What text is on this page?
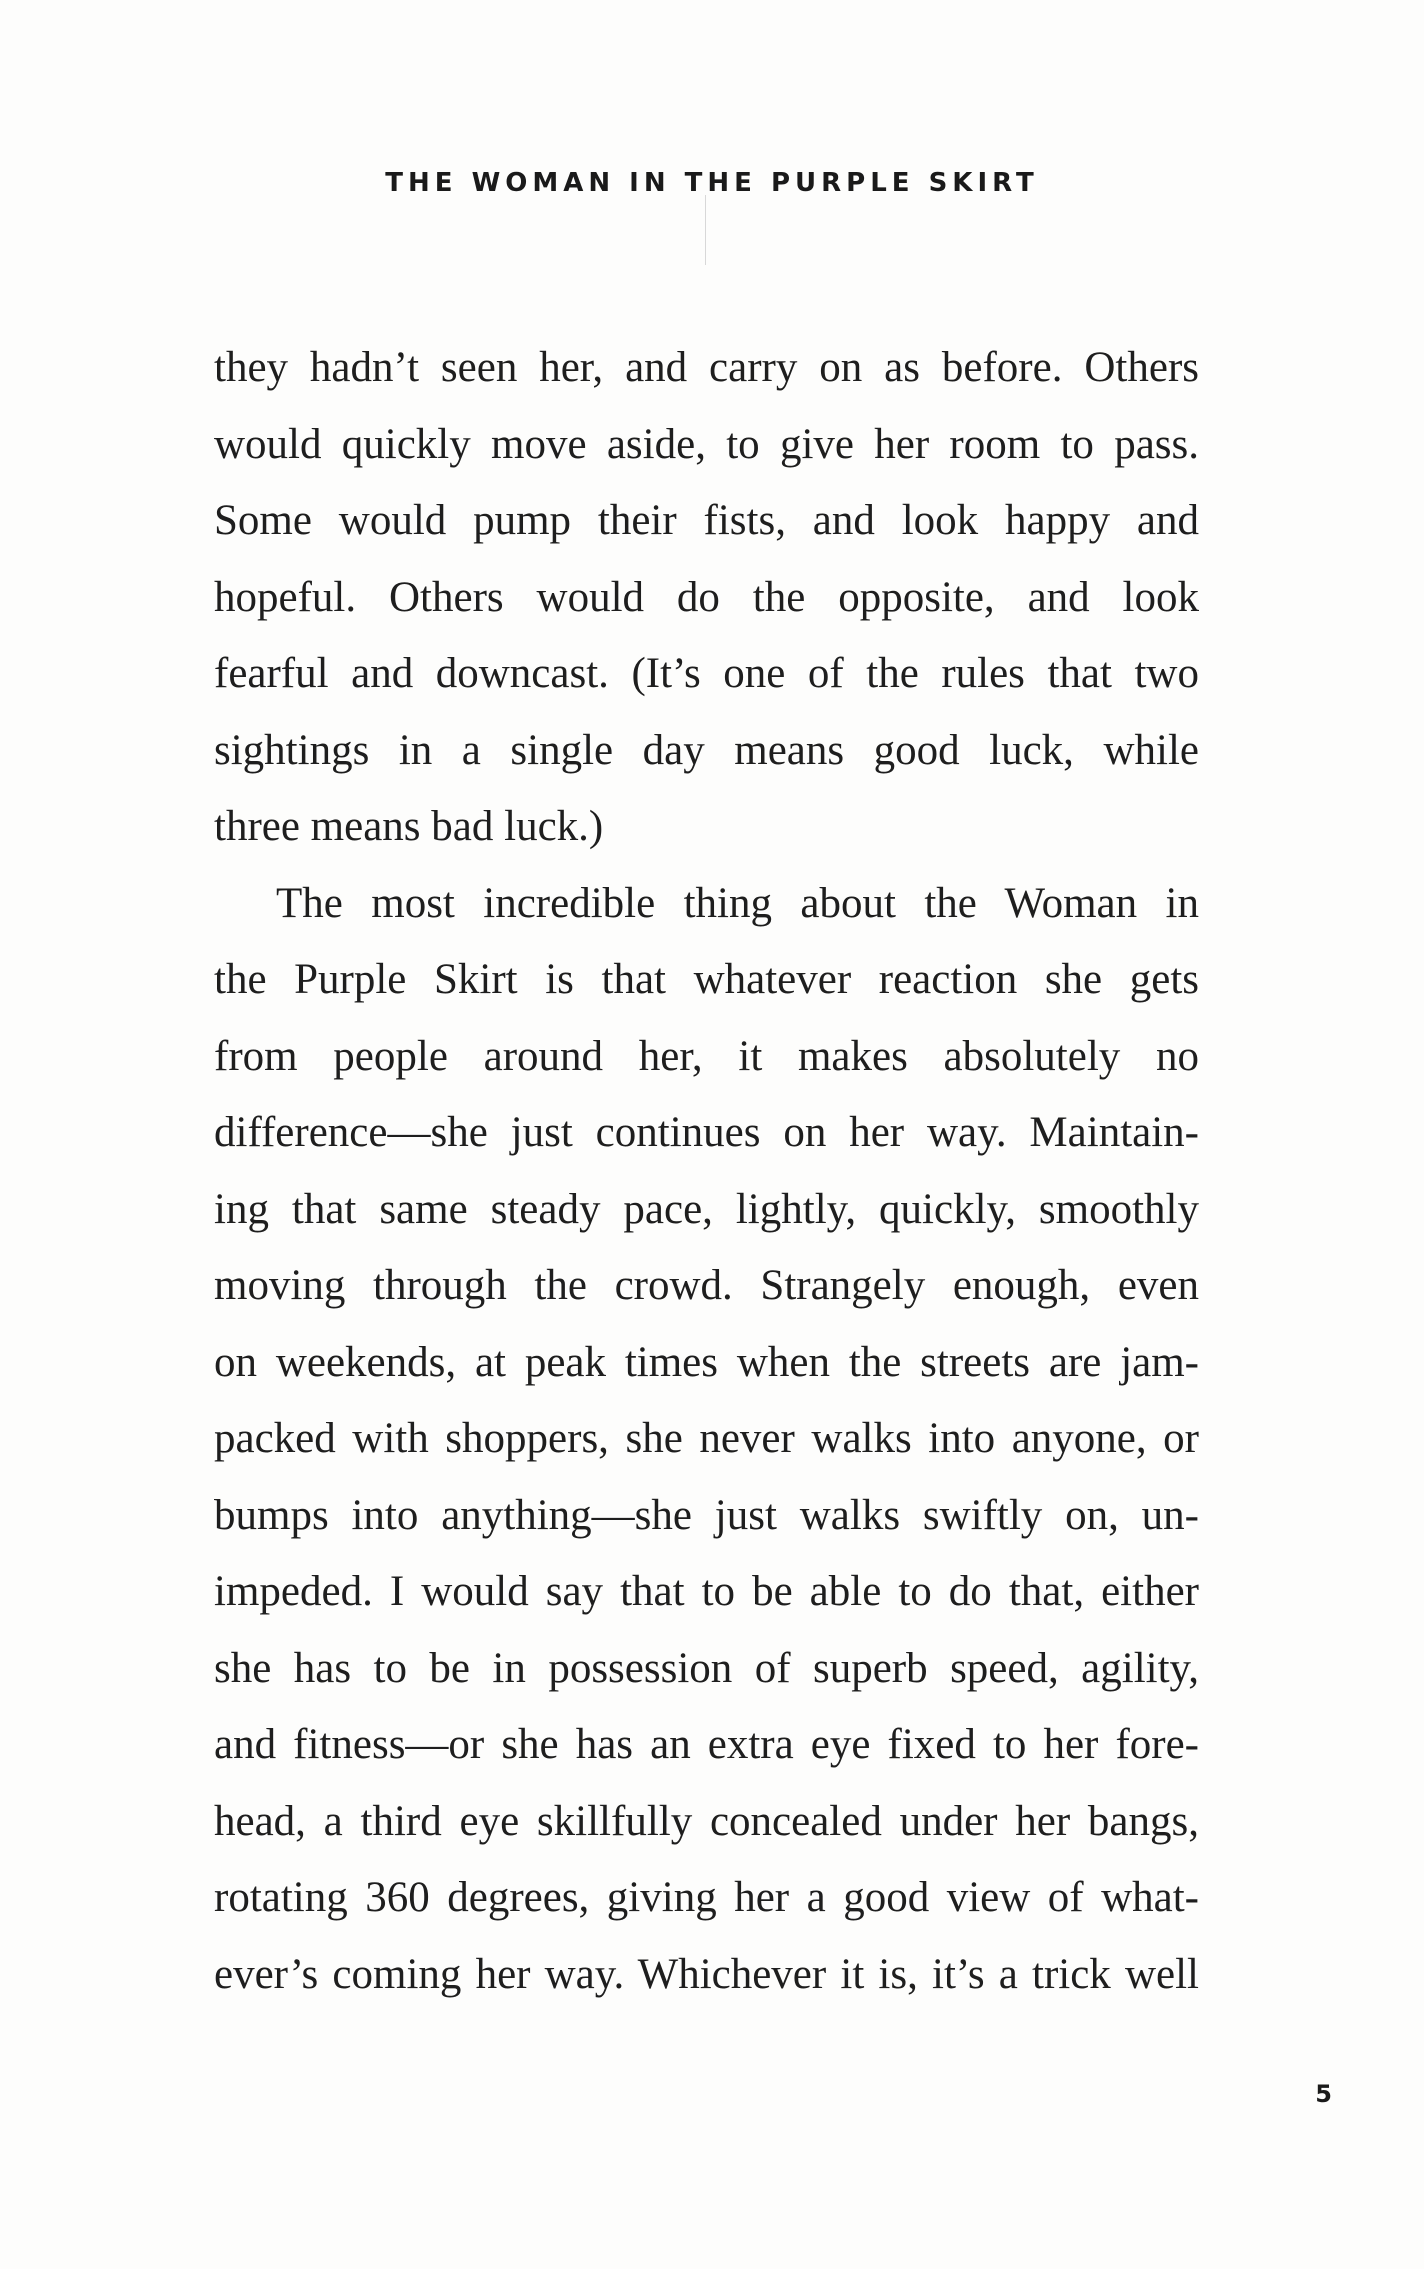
THE WOMAN IN THE PURPLE SKIRT
they hadn’t seen her, and carry on as before. Others
would quickly move aside, to give her room to pass.
Some would pump their fists, and look happy and
hopeful. Others would do the opposite, and look
fearful and downcast. (It’s one of the rules that two
sightings in a single day means good luck, while
three means bad luck.)
The most incredible thing about the Woman in
the Purple Skirt is that whatever reaction she gets
from people around her, it makes absolutely no
difference—she just continues on her way. Maintain-
ing that same steady pace, lightly, quickly, smoothly
moving through the crowd. Strangely enough, even
on weekends, at peak times when the streets are jam-
packed with shoppers, she never walks into anyone, or
bumps into anything—she just walks swiftly on, un-
impeded. I would say that to be able to do that, either
she has to be in possession of superb speed, agility,
and fitness—or she has an extra eye fixed to her fore-
head, a third eye skillfully concealed under her bangs,
rotating 360 degrees, giving her a good view of what-
ever’s coming her way. Whichever it is, it’s a trick well
5
